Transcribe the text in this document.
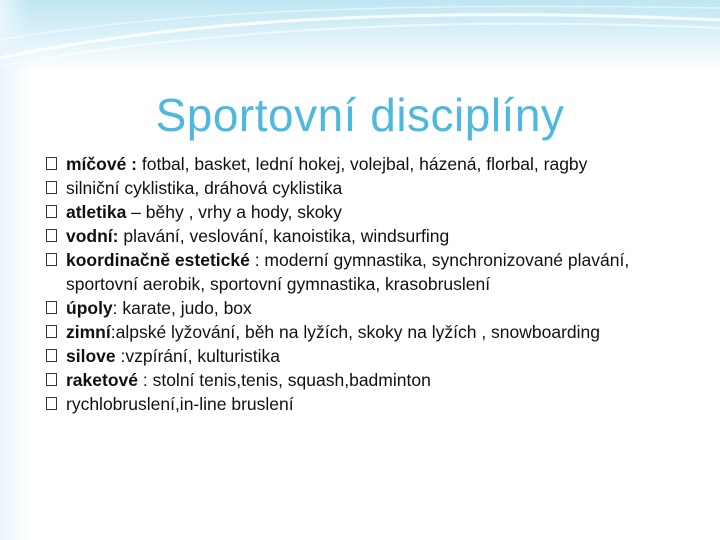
Sportovní disciplíny
míčové : fotbal, basket, lední hokej, volejbal, házená, florbal, ragby
silniční cyklistika, dráhová cyklistika
atletika – běhy , vrhy a hody, skoky
vodní: plavání, veslování, kanoistika, windsurfing
koordinačně estetické : moderní gymnastika, synchronizované plavání, sportovní aerobik, sportovní gymnastika, krasobruslení
úpoly: karate, judo, box
zimní:alpské lyžování, běh na lyžích, skoky na lyžích , snowboarding
silove :vzpírání, kulturistika
raketové : stolní tenis,tenis, squash,badminton
rychlobruslení,in-line bruslení
